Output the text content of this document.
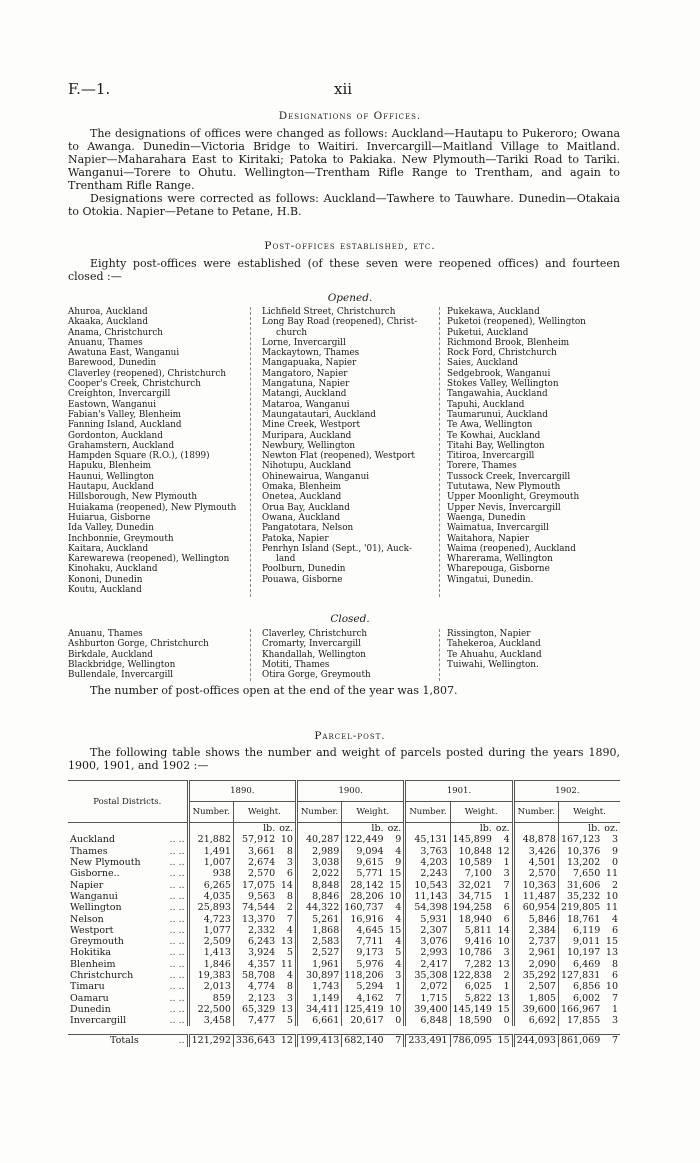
F.—1.	xii
Designations of Offices.

The designations of offices were changed as follows: Auckland—Hautapu to Pukeroro; Owana to Awanga. Dunedin—Victoria Bridge to Waitiri. Invercargill—Maitland Village to Maitland. Napier—Maharahara East to Kiritaki; Patoka to Pakiaka. New Plymouth—Tariki Road to Tariki. Wanganui—Torere to Ohutu. Wellington—Trentham Rifle Range to Trentham, and again to Trentham Rifle Range.

Designations were corrected as follows: Auckland—Tawhere to Tauwhare. Dunedin—Otakaia to Otokia. Napier—Petane to Petane, H.B.

Post-offices established, etc.

Eighty post-offices were established (of these seven were reopened offices) and fourteen closed :—

Opened.
Ahuroa, Auckland
Akaaka, Auckland
Anama, Christchurch
Anuanu, Thames
Awatuna East, Wanganui
Barewood, Dunedin
Claverley (reopened), Christchurch
Cooper's Creek, Christchurch
Creighton, Invercargill
Eastown, Wanganui
Fabian's Valley, Blenheim
Fanning Island, Auckland
Gordonton, Auckland
Grahamstern, Auckland
Hampden Square (R.O.), (1899)
Hapuku, Blenheim
Haunui, Wellington
Hautapu, Auckland
Hillsborough, New Plymouth
Huiakama (reopened), New Plymouth
Huiarua, Gisborne
Ida Valley, Dunedin
Inchbonnie, Greymouth
Kaitara, Auckland
Karewarewa (reopened), Wellington
Kinohaku, Auckland
Kononi, Dunedin
Koutu, Auckland
Lichfield Street, Christchurch
Long Bay Road (reopened), Christ-
church
Lorne, Invercargill
Mackaytown, Thames
Mangapuaka, Napier
Mangatoro, Napier
Mangatuna, Napier
Matangi, Auckland
Mataroa, Wanganui
Maungatautari, Auckland
Mine Creek, Westport
Muripara, Auckland
Newbury, Wellington
Newton Flat (reopened), Westport
Nihotupu, Auckland
Ohinewairua, Wanganui
Omaka, Blenheim
Onetea, Auckland
Orua Bay, Auckland
Owana, Auckland
Pangatotara, Nelson
Patoka, Napier
Penrhyn Island (Sept., '01), Auck-
land
Poolburn, Dunedin
Pouawa, Gisborne
Pukekawa, Auckland
Puketoi (reopened), Wellington
Puketui, Auckland
Richmond Brook, Blenheim
Rock Ford, Christchurch
Saies, Auckland
Sedgebrook, Wanganui
Stokes Valley, Wellington
Tangawahia, Auckland
Tapuhi, Auckland
Taumarunui, Auckland
Te Awa, Wellington
Te Kowhai, Auckland
Titahi Bay, Wellington
Titiroa, Invercargill
Torere, Thames
Tussock Creek, Invercargill
Tututawa, New Plymouth
Upper Moonlight, Greymouth
Upper Nevis, Invercargill
Waenga, Dunedin
Waimatua, Invercargill
Waitahora, Napier
Waima (reopened), Auckland
Wharerama, Wellington
Wharepouga, Gisborne
Wingatui, Dunedin.
Closed.
Anuanu, Thames
Ashburton Gorge, Christchurch
Birkdale, Auckland
Blackbridge, Wellington
Bullendale, Invercargill
Claverley, Christchurch
Cromarty, Invercargill
Khandallah, Wellington
Motiti, Thames
Otira Gorge, Greymouth
Rissington, Napier
Tahekeroa, Auckland
Te Ahuahu, Auckland
Tuiwahi, Wellington.
The number of post-offices open at the end of the year was 1,807.
Parcel-post.

The following table shows the number and weight of parcels posted during the years 1890, 1900, 1901, and 1902 :—

Postal Districts.	1890.			1900.			1901.			1902.		
	Number.	Weight.		Number.	Weight.		Number.	Weight.		Number.	Weight.	
		lb.	oz.		lb.	oz.		lb.	oz.		lb.	oz.
Auckland .. ..	21,882	57,912	10	40,287	122,449	9	45,131	145,899	4	48,878	167,123	3
Thames .. ..	1,491	3,661	8	2,989	9,094	4	3,763	10,848	12	3,426	10,376	9
New Plymouth .. ..	1,007	2,674	3	3,038	9,615	9	4,203	10,589	1	4,501	13,202	0
Gisborne.. .. ..	938	2,570	6	2,022	5,771	15	2,243	7,100	3	2,570	7,650	11
Napier .. ..	6,265	17,075	14	8,848	28,142	15	10,543	32,021	7	10,363	31,606	2
Wanganui .. ..	4,035	9,563	8	8,846	28,206	10	11,143	34,715	1	11,487	35,232	10
Wellington .. ..	25,893	74,544	2	44,322	160,737	4	54,398	194,258	6	60,954	219,805	11
Nelson .. ..	4,723	13,370	7	5,261	16,916	4	5,931	18,940	6	5,846	18,761	4
Westport .. ..	1,077	2,332	4	1,868	4,645	15	2,307	5,811	14	2,384	6,119	6
Greymouth .. ..	2,509	6,243	13	2,583	7,711	4	3,076	9,416	10	2,737	9,011	15
Hokitika .. ..	1,413	3,924	5	2,527	9,173	5	2,993	10,786	3	2,961	10,197	13
Blenheim .. ..	1,846	4,357	11	1,961	5,976	4	2,417	7,282	13	2,090	6,469	8
Christchurch .. ..	19,383	58,708	4	30,897	118,206	3	35,308	122,838	2	35,292	127,831	6
Timaru .. ..	2,013	4,774	8	1,743	5,294	1	2,072	6,025	1	2,507	6,856	10
Oamaru .. ..	859	2,123	3	1,149	4,162	7	1,715	5,822	13	1,805	6,002	7
Dunedin .. ..	22,500	65,329	13	34,411	125,419	10	39,400	145,149	15	39,600	166,967	1
Invercargill .. ..	3,458	7,477	5	6,661	20,617	0	6,848	18,590	0	6,692	17,855	3

Totals ..	121,292	336,643	12	199,413	682,140	7	233,491	786,095	15	244,093	861,069	7
